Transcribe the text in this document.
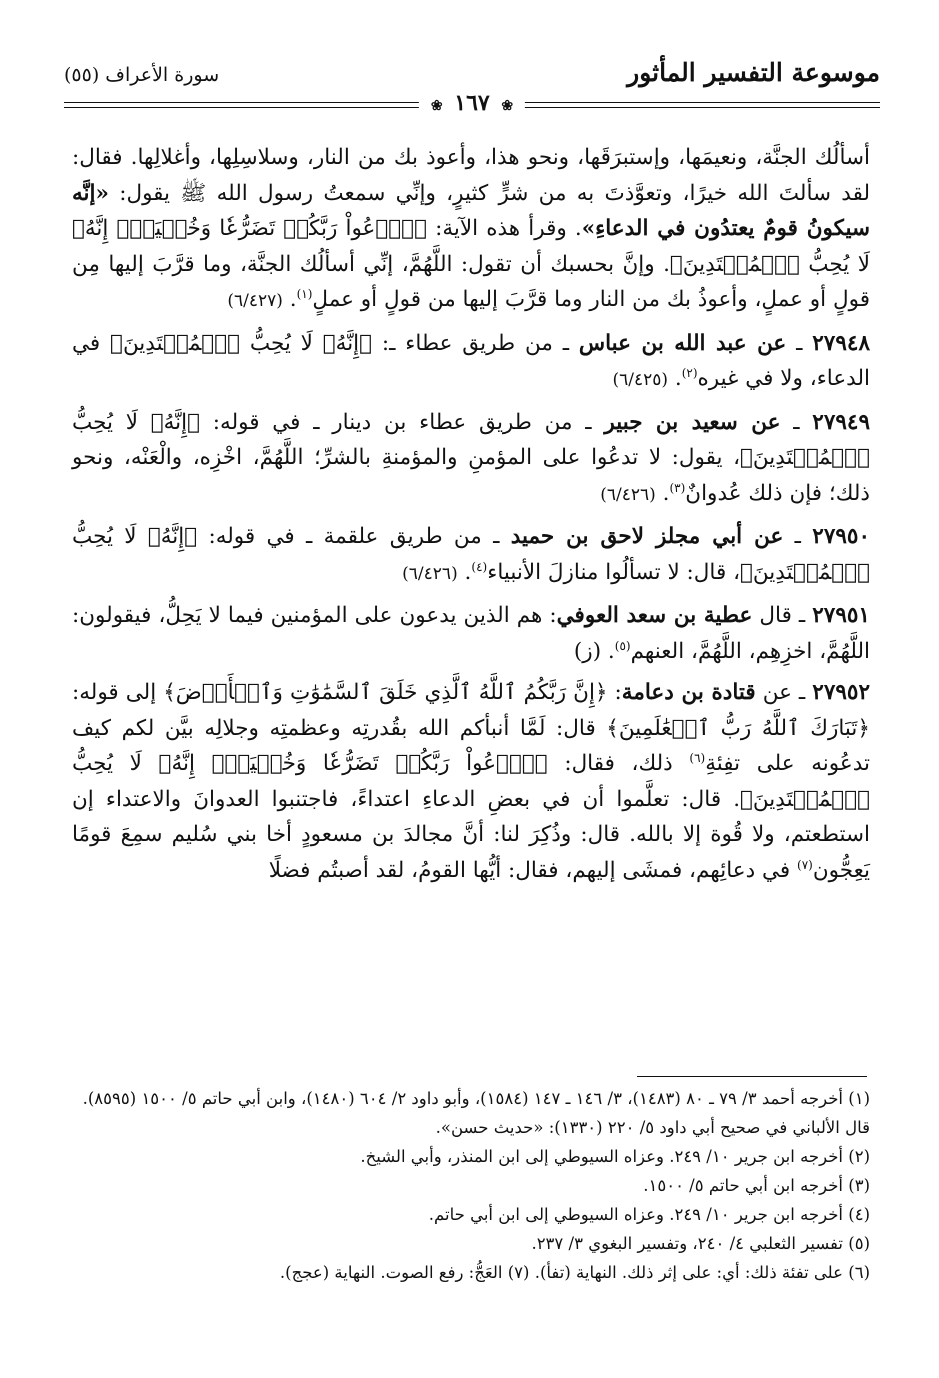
موسوعة التفسير المأثور
سورة الأعراف (٥٥)
❀ ١٦٧ ❀

أسألُك الجنَّة، ونعيمَها، وإستبرَقَها، ونحو هذا، وأعوذ بك من النار، وسلاسِلِها، وأغلالِها. فقال: لقد سألتَ الله خيرًا، وتعوَّذتَ به من شرٍّ كثيرٍ، وإنِّي سمعتُ رسول الله ﷺ يقول: «إنَّه سيكونُ قومٌ يعتدُون في الدعاءِ». وقرأ هذه الآية: ﴿ٱدۡعُواْ رَبَّكُمۡ تَضَرُّعٗا وَخُفۡيَةًۚ إِنَّهُۥ لَا يُحِبُّ ٱلۡمُعۡتَدِينَ﴾. وإنَّ بحسبك أن تقول: اللَّهُمَّ، إنِّي أسألُك الجنَّة، وما قرَّبَ إليها مِن قولٍ أو عملٍ، وأعوذُ بك من النار وما قرَّبَ إليها من قولٍ أو عملٍ$^{(١)}$. (٦/٤٢٧)

٢٧٩٤٨ ـ عن عبد الله بن عباس ـ من طريق عطاء ـ: ﴿إِنَّهُۥ لَا يُحِبُّ ٱلۡمُعۡتَدِينَ﴾ في الدعاء، ولا في غيره$^{(٢)}$. (٦/٤٢٥)

٢٧٩٤٩ ـ عن سعيد بن جبير ـ من طريق عطاء بن دينار ـ في قوله: ﴿إِنَّهُۥ لَا يُحِبُّ ٱلۡمُعۡتَدِينَ﴾، يقول: لا تدعُوا على المؤمنِ والمؤمنةِ بالشرِّ؛ اللَّهُمَّ، اخْزِه، والْعَنْه، ونحو ذلك؛ فإن ذلك عُدوانٌ$^{(٣)}$. (٦/٤٢٦)

٢٧٩٥٠ ـ عن أبي مجلز لاحق بن حميد ـ من طريق علقمة ـ في قوله: ﴿إِنَّهُۥ لَا يُحِبُّ ٱلۡمُعۡتَدِينَ﴾، قال: لا تسألُوا منازلَ الأنبياء$^{(٤)}$. (٦/٤٢٦)

٢٧٩٥١ ـ قال عطية بن سعد العوفي: هم الذين يدعون على المؤمنين فيما لا يَحِلُّ، فيقولون: اللَّهُمَّ، اخزِهِم، اللَّهُمَّ، العنهم$^{(٥)}$. (ز)

٢٧٩٥٢ ـ عن قتادة بن دعامة: ﴿إِنَّ رَبَّكُمُ ٱللَّهُ ٱلَّذِي خَلَقَ ٱلسَّمَٰوَٰتِ وَٱلۡأَرۡضَ﴾ إلى قوله: ﴿تَبَارَكَ ٱللَّهُ رَبُّ ٱلۡعَٰلَمِينَ﴾ قال: لَمَّا أنبأكم الله بقُدرتِه وعظمتِه وجلالِه بيَّن لكم كيف تدعُونه على تفِئةِ$^{(٦)}$ ذلك، فقال: ﴿ٱدۡعُواْ رَبَّكُمۡ تَضَرُّعٗا وَخُفۡيَةًۚ إِنَّهُۥ لَا يُحِبُّ ٱلۡمُعۡتَدِينَ﴾. قال: تعلَّموا أن في بعضِ الدعاءِ اعتداءً، فاجتنبوا العدوانَ والاعتداء إن استطعتم، ولا قُوة إلا بالله. قال: وذُكِرَ لنا: أنَّ مجالدَ بن مسعودٍ أخا بني سُليم سمِعَ قومًا يَعِجُّون$^{(٧)}$ في دعائِهم، فمشَى إليهم، فقال: أيُّها القومُ، لقد أصبتُم فضلًا

(١) أخرجه أحمد ٣/ ٧٩ ـ ٨٠ (١٤٨٣)، ٣/ ١٤٦ ـ ١٤٧ (١٥٨٤)، وأبو داود ٢/ ٦٠٤ (١٤٨٠)، وابن أبي حاتم ٥/ ١٥٠٠ (٨٥٩٥).

قال الألباني في صحيح أبي داود ٥/ ٢٢٠ (١٣٣٠): «حديث حسن».

(٢) أخرجه ابن جرير ١٠/ ٢٤٩. وعزاه السيوطي إلى ابن المنذر، وأبي الشيخ.

(٣) أخرجه ابن أبي حاتم ٥/ ١٥٠٠.

(٤) أخرجه ابن جرير ١٠/ ٢٤٩. وعزاه السيوطي إلى ابن أبي حاتم.

(٥) تفسير الثعلبي ٤/ ٢٤٠، وتفسير البغوي ٣/ ٢٣٧.

(٦) على تفئة ذلك: أي: على إثر ذلك. النهاية (تفأ). (٧) العَجُّ: رفع الصوت. النهاية (عجج).
